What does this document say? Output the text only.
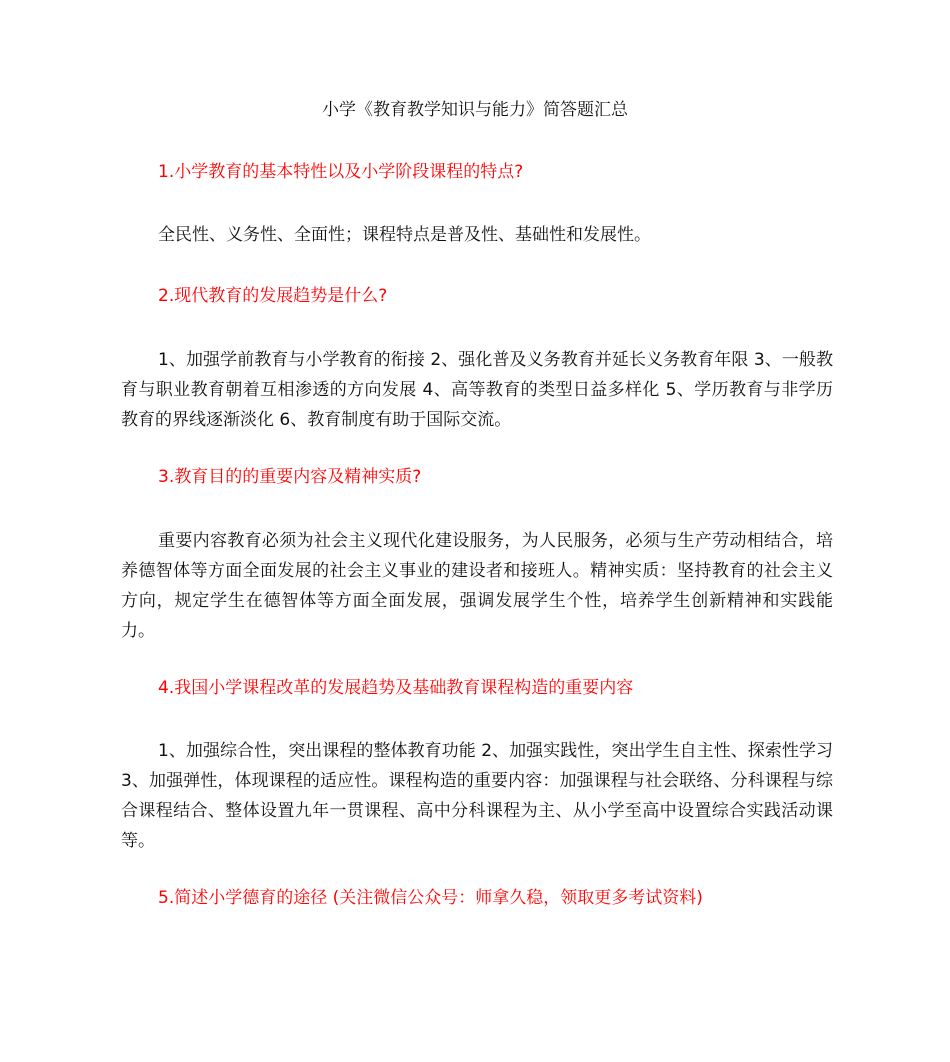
小学《教育教学知识与能力》简答题汇总
1.小学教育的基本特性以及小学阶段课程的特点?

全民性、义务性、全面性；课程特点是普及性、基础性和发展性。

2.现代教育的发展趋势是什么?

1、加强学前教育与小学教育的衔接 2、强化普及义务教育并延长义务教育年限 3、一般教育与职业教育朝着互相渗透的方向发展 4、高等教育的类型日益多样化 5、学历教育与非学历教育的界线逐渐淡化 6、教育制度有助于国际交流。

3.教育目的的重要内容及精神实质?

重要内容教育必须为社会主义现代化建设服务，为人民服务，必须与生产劳动相结合，培养德智体等方面全面发展的社会主义事业的建设者和接班人。精神实质：坚持教育的社会主义方向，规定学生在德智体等方面全面发展，强调发展学生个性，培养学生创新精神和实践能力。

4.我国小学课程改革的发展趋势及基础教育课程构造的重要内容

1、加强综合性，突出课程的整体教育功能 2、加强实践性，突出学生自主性、探索性学习 3、加强弹性，体现课程的适应性。课程构造的重要内容：加强课程与社会联络、分科课程与综合课程结合、整体设置九年一贯课程、高中分科课程为主、从小学至高中设置综合实践活动课等。

5.简述小学德育的途径 (关注微信公众号：师拿久稳，领取更多考试资料)
